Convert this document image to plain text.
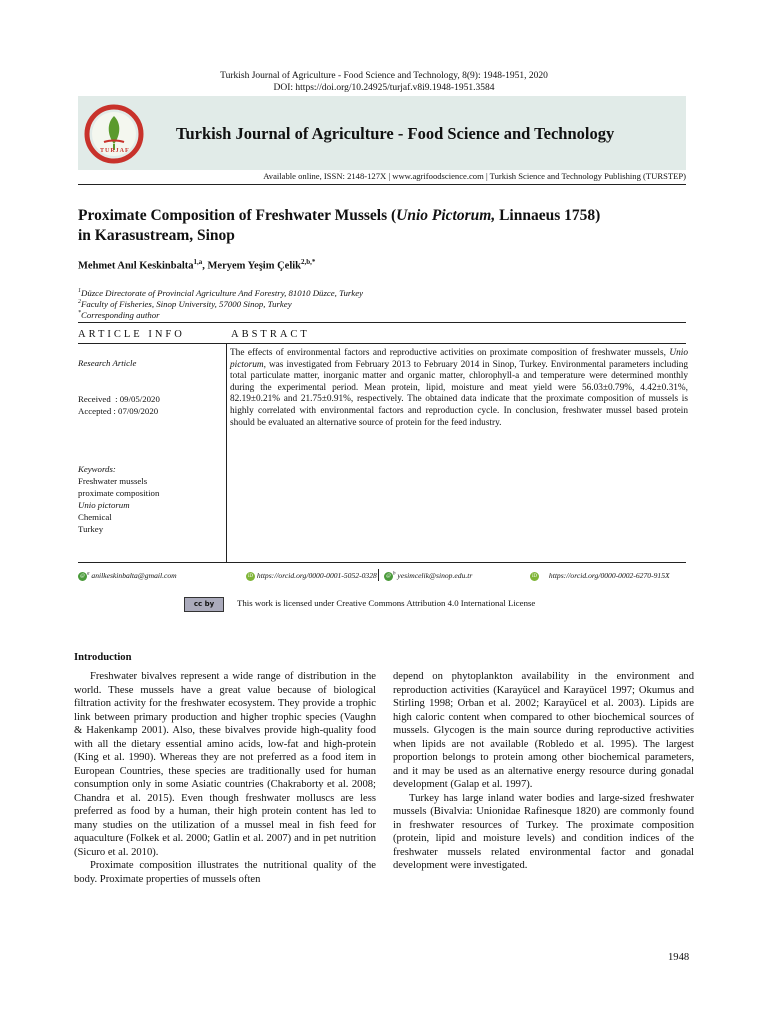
Turkish Journal of Agriculture - Food Science and Technology, 8(9): 1948-1951, 2020
DOI: https://doi.org/10.24925/turjaf.v8i9.1948-1951.3584
TURJAF
Turkish Journal of Agriculture - Food Science and Technology
Available online, ISSN: 2148-127X | www.agrifoodscience.com | Turkish Science and Technology Publishing (TURSTEP)
Proximate Composition of Freshwater Mussels (Unio Pictorum, Linnaeus 1758)
in Karasustream, Sinop
Mehmet Anıl Keskinbalta$^{1,a}$, Meryem Yeşim Çelik$^{2,b,*}$
$^1$Düzce Directorate of Provincial Agriculture And Forestry, 81010 Düzce, Turkey
$^2$Faculty of Fisheries, Sinop University, 57000 Sinop, Turkey
*Corresponding author
ARTICLE INFO	ABSTRACT
Research Article
Received  : 09/05/2020
Accepted : 07/09/2020
Keywords:
Freshwater mussels
proximate composition
Unio pictorum
Chemical
Turkey
The effects of environmental factors and reproductive activities on proximate composition of freshwater mussels, Unio pictorum, was investigated from February 2013 to February 2014 in Sinop, Turkey. Environmental parameters including total particulate matter, inorganic matter and organic matter, chlorophyll-a and temperature were determined monthly during the experimental period. Mean protein, lipid, moisture and meat yield were 56.03±0.79%, 4.42±0.31%, 82.19±0.21% and 21.75±0.91%, respectively. The obtained data indicate that the proximate composition of mussels is highly correlated with environmental factors and reproduction cycle. In conclusion, freshwater mussel based protein should be evaluated an alternative source of protein for the feed industry.
@ $^a$ anilkeskinbalta@gmail.com	iD https://orcid.org/0000-0001-5052-0328	@ $^b$ yesimcelik@sinop.edu.tr	iD https://orcid.org/0000-0002-6270-915X
cc by	This work is licensed under Creative Commons Attribution 4.0 International License
Introduction

Freshwater bivalves represent a wide range of distribution in the world. These mussels have a great value because of biological filtration activity for the freshwater ecosystem. They provide a trophic link between primary production and higher trophic species (Vaughn & Hakenkamp 2001). Also, these bivalves provide high-quality food with all the dietary essential amino acids, low-fat and high-protein (King et al. 1990). Whereas they are not preferred as a food item in European Countries, these species are traditionally used for human consumption only in some Asiatic countries (Chakraborty et al. 2008; Chandra et al. 2015). Even though freshwater molluscs are less preferred as food by a human, their high protein content has led to many studies on the utilization of a mussel meal in fish feed for aquaculture (Folkek et al. 2000; Gatlin et al. 2007) and in pet nutrition (Sicuro et al. 2010).

Proximate composition illustrates the nutritional quality of the body. Proximate properties of mussels often

depend on phytoplankton availability in the environment and reproduction activities (Karayücel and Karayücel 1997; Okumus and Stirling 1998; Orban et al. 2002; Karayücel et al. 2003). Lipids are high caloric content when compared to other biochemical sources of mussels. Glycogen is the main source during reproductive activities when lipids are not available (Robledo et al. 1995). The largest proportion belongs to protein among other biochemical parameters, and it may be used as an alternative energy resource during gonadal development (Galap et al. 1997).

Turkey has large inland water bodies and large-sized freshwater mussels (Bivalvia: Unionidae Rafinesque 1820) are commonly found in freshwater resources of Turkey. The proximate composition (protein, lipid and moisture levels) and condition indices of the freshwater mussels related environmental factor and gonadal development were investigated.

1948
